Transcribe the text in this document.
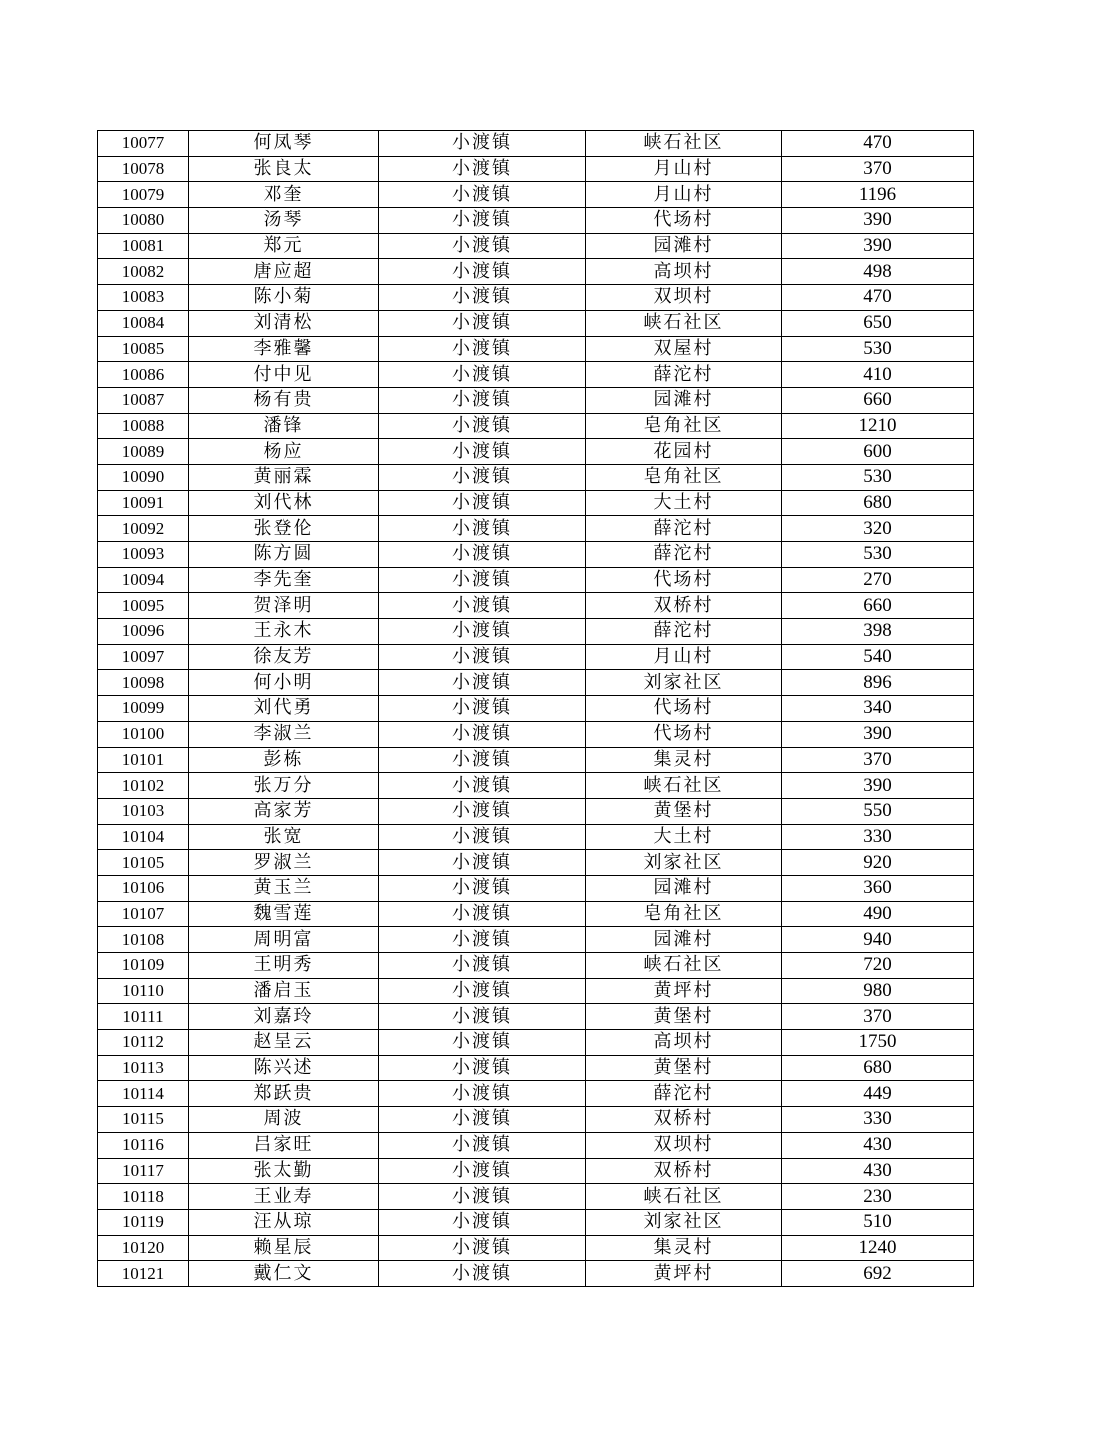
10077	何凤琴	小渡镇	峡石社区	470
10078	张良太	小渡镇	月山村	370
10079	邓奎	小渡镇	月山村	1196
10080	汤琴	小渡镇	代场村	390
10081	郑元	小渡镇	园滩村	390
10082	唐应超	小渡镇	高坝村	498
10083	陈小菊	小渡镇	双坝村	470
10084	刘清松	小渡镇	峡石社区	650
10085	李雅馨	小渡镇	双屋村	530
10086	付中见	小渡镇	薛沱村	410
10087	杨有贵	小渡镇	园滩村	660
10088	潘锋	小渡镇	皂角社区	1210
10089	杨应	小渡镇	花园村	600
10090	黄丽霖	小渡镇	皂角社区	530
10091	刘代林	小渡镇	大土村	680
10092	张登伦	小渡镇	薛沱村	320
10093	陈方圆	小渡镇	薛沱村	530
10094	李先奎	小渡镇	代场村	270
10095	贺泽明	小渡镇	双桥村	660
10096	王永木	小渡镇	薛沱村	398
10097	徐友芳	小渡镇	月山村	540
10098	何小明	小渡镇	刘家社区	896
10099	刘代勇	小渡镇	代场村	340
10100	李淑兰	小渡镇	代场村	390
10101	彭栋	小渡镇	集灵村	370
10102	张万分	小渡镇	峡石社区	390
10103	高家芳	小渡镇	黄堡村	550
10104	张宽	小渡镇	大土村	330
10105	罗淑兰	小渡镇	刘家社区	920
10106	黄玉兰	小渡镇	园滩村	360
10107	魏雪莲	小渡镇	皂角社区	490
10108	周明富	小渡镇	园滩村	940
10109	王明秀	小渡镇	峡石社区	720
10110	潘启玉	小渡镇	黄坪村	980
10111	刘嘉玲	小渡镇	黄堡村	370
10112	赵呈云	小渡镇	高坝村	1750
10113	陈兴述	小渡镇	黄堡村	680
10114	郑跃贵	小渡镇	薛沱村	449
10115	周波	小渡镇	双桥村	330
10116	吕家旺	小渡镇	双坝村	430
10117	张太勤	小渡镇	双桥村	430
10118	王业寿	小渡镇	峡石社区	230
10119	汪从琼	小渡镇	刘家社区	510
10120	赖星辰	小渡镇	集灵村	1240
10121	戴仁文	小渡镇	黄坪村	692
